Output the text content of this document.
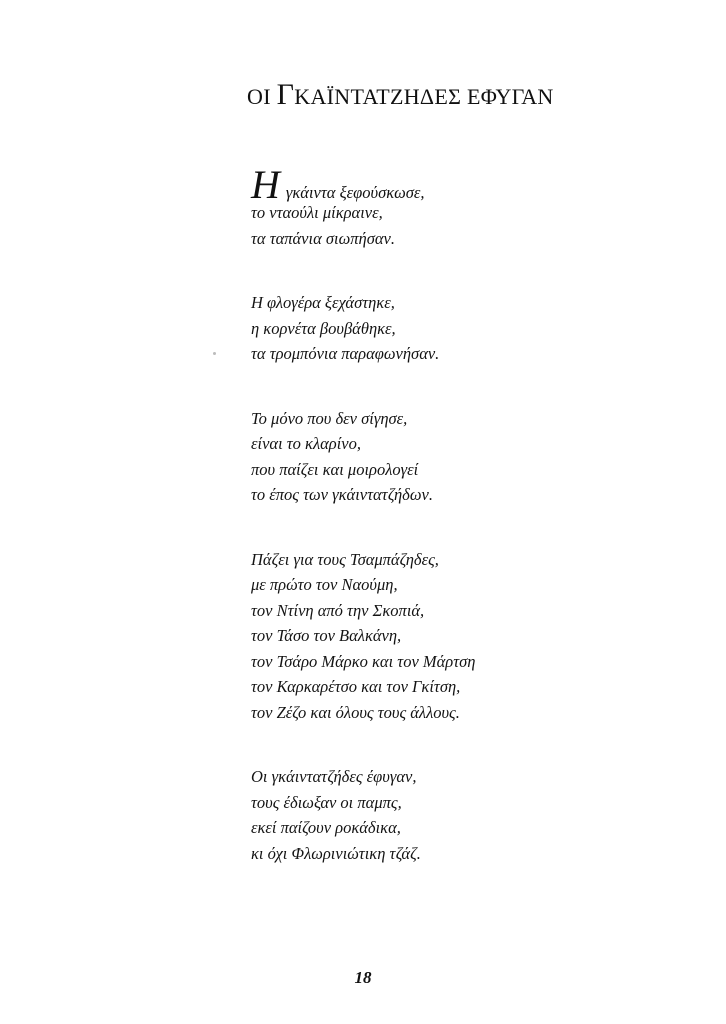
ΟΙ ΓΚΑΪΝΤΑΤΖΗΔΕΣ ΕΦΥΓΑΝ
Η γκάιντα ξεφούσκωσε,
το νταούλι μίκραινε,
τα ταπάνια σιωπήσαν.
Η φλογέρα ξεχάστηκε,
η κορνέτα βουβάθηκε,
τα τρομπόνια παραφωνήσαν.
Το μόνο που δεν σίγησε,
είναι το κλαρίνο,
που παίζει και μοιρολογεί
το έπος των γκάιντατζήδων.
Πάζει για τους Τσαμπάζηδες,
με πρώτο τον Ναούμη,
τον Ντίνη από την Σκοπιά,
τον Τάσο τον Βαλκάνη,
τον Τσάρο Μάρκο και τον Μάρτση
τον Καρκαρέτσο και τον Γκίτση,
τον Ζέζο και όλους τους άλλους.
Οι γκάιντατζήδες έφυγαν,
τους έδιωξαν οι παμπς,
εκεί παίζουν ροκάδικα,
κι όχι Φλωρινιώτικη τζάζ.
18
